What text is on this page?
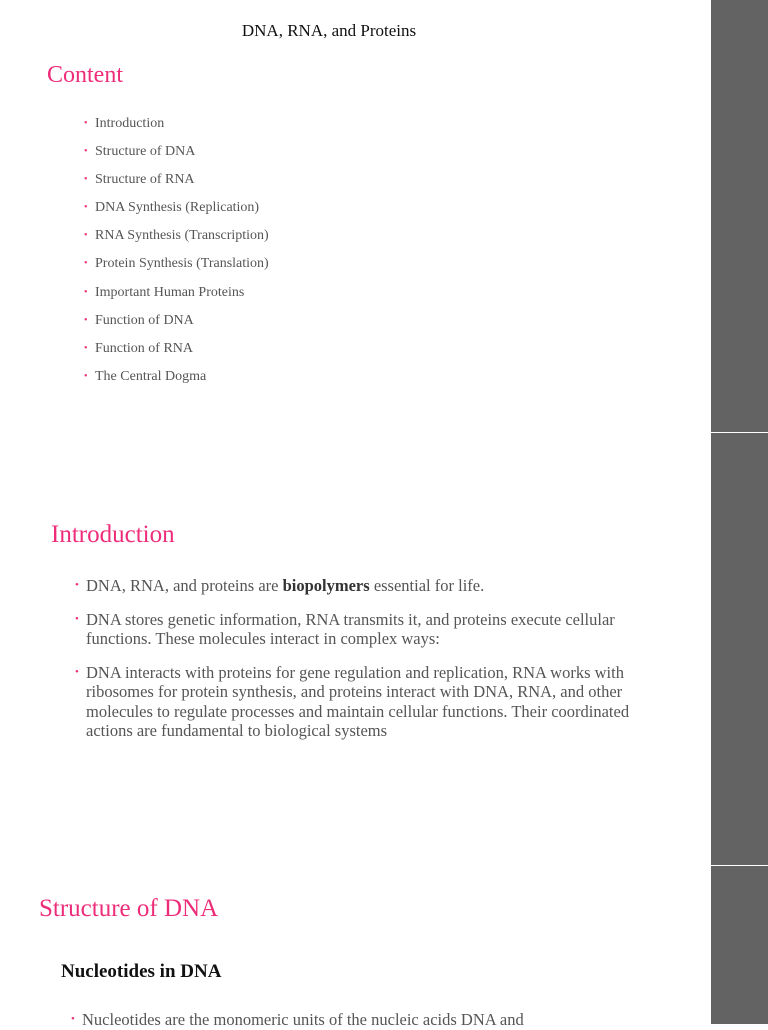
DNA, RNA, and Proteins
Content
• Introduction
• Structure of DNA
• Structure of RNA
• DNA Synthesis (Replication)
• RNA Synthesis (Transcription)
• Protein Synthesis (Translation)
• Important Human Proteins
• Function of DNA
• Function of RNA
• The Central Dogma
Introduction
• DNA, RNA, and proteins are biopolymers essential for life.
• DNA stores genetic information, RNA transmits it, and proteins execute cellular functions. These molecules interact in complex ways:
• DNA interacts with proteins for gene regulation and replication, RNA works with ribosomes for protein synthesis, and proteins interact with DNA, RNA, and other molecules to regulate processes and maintain cellular functions. Their coordinated actions are fundamental to biological systems
Structure of DNA
Nucleotides in DNA
• Nucleotides are the monomeric units of the nucleic acids DNA and
